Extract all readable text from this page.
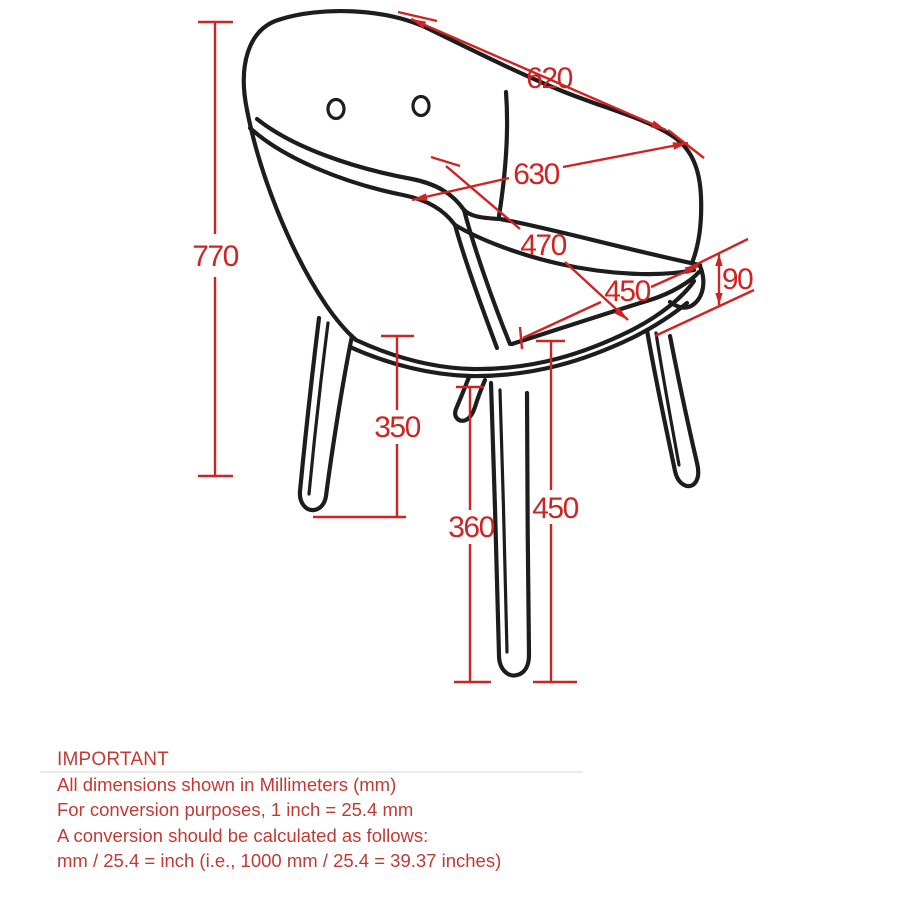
770
620
630
470
450 90
350
360
450
IMPORTANT
All dimensions shown in Millimeters (mm)
For conversion purposes, 1 inch = 25.4 mm
A conversion should be calculated as follows:
mm / 25.4 = inch (i.e., 1000 mm / 25.4 = 39.37 inches)
